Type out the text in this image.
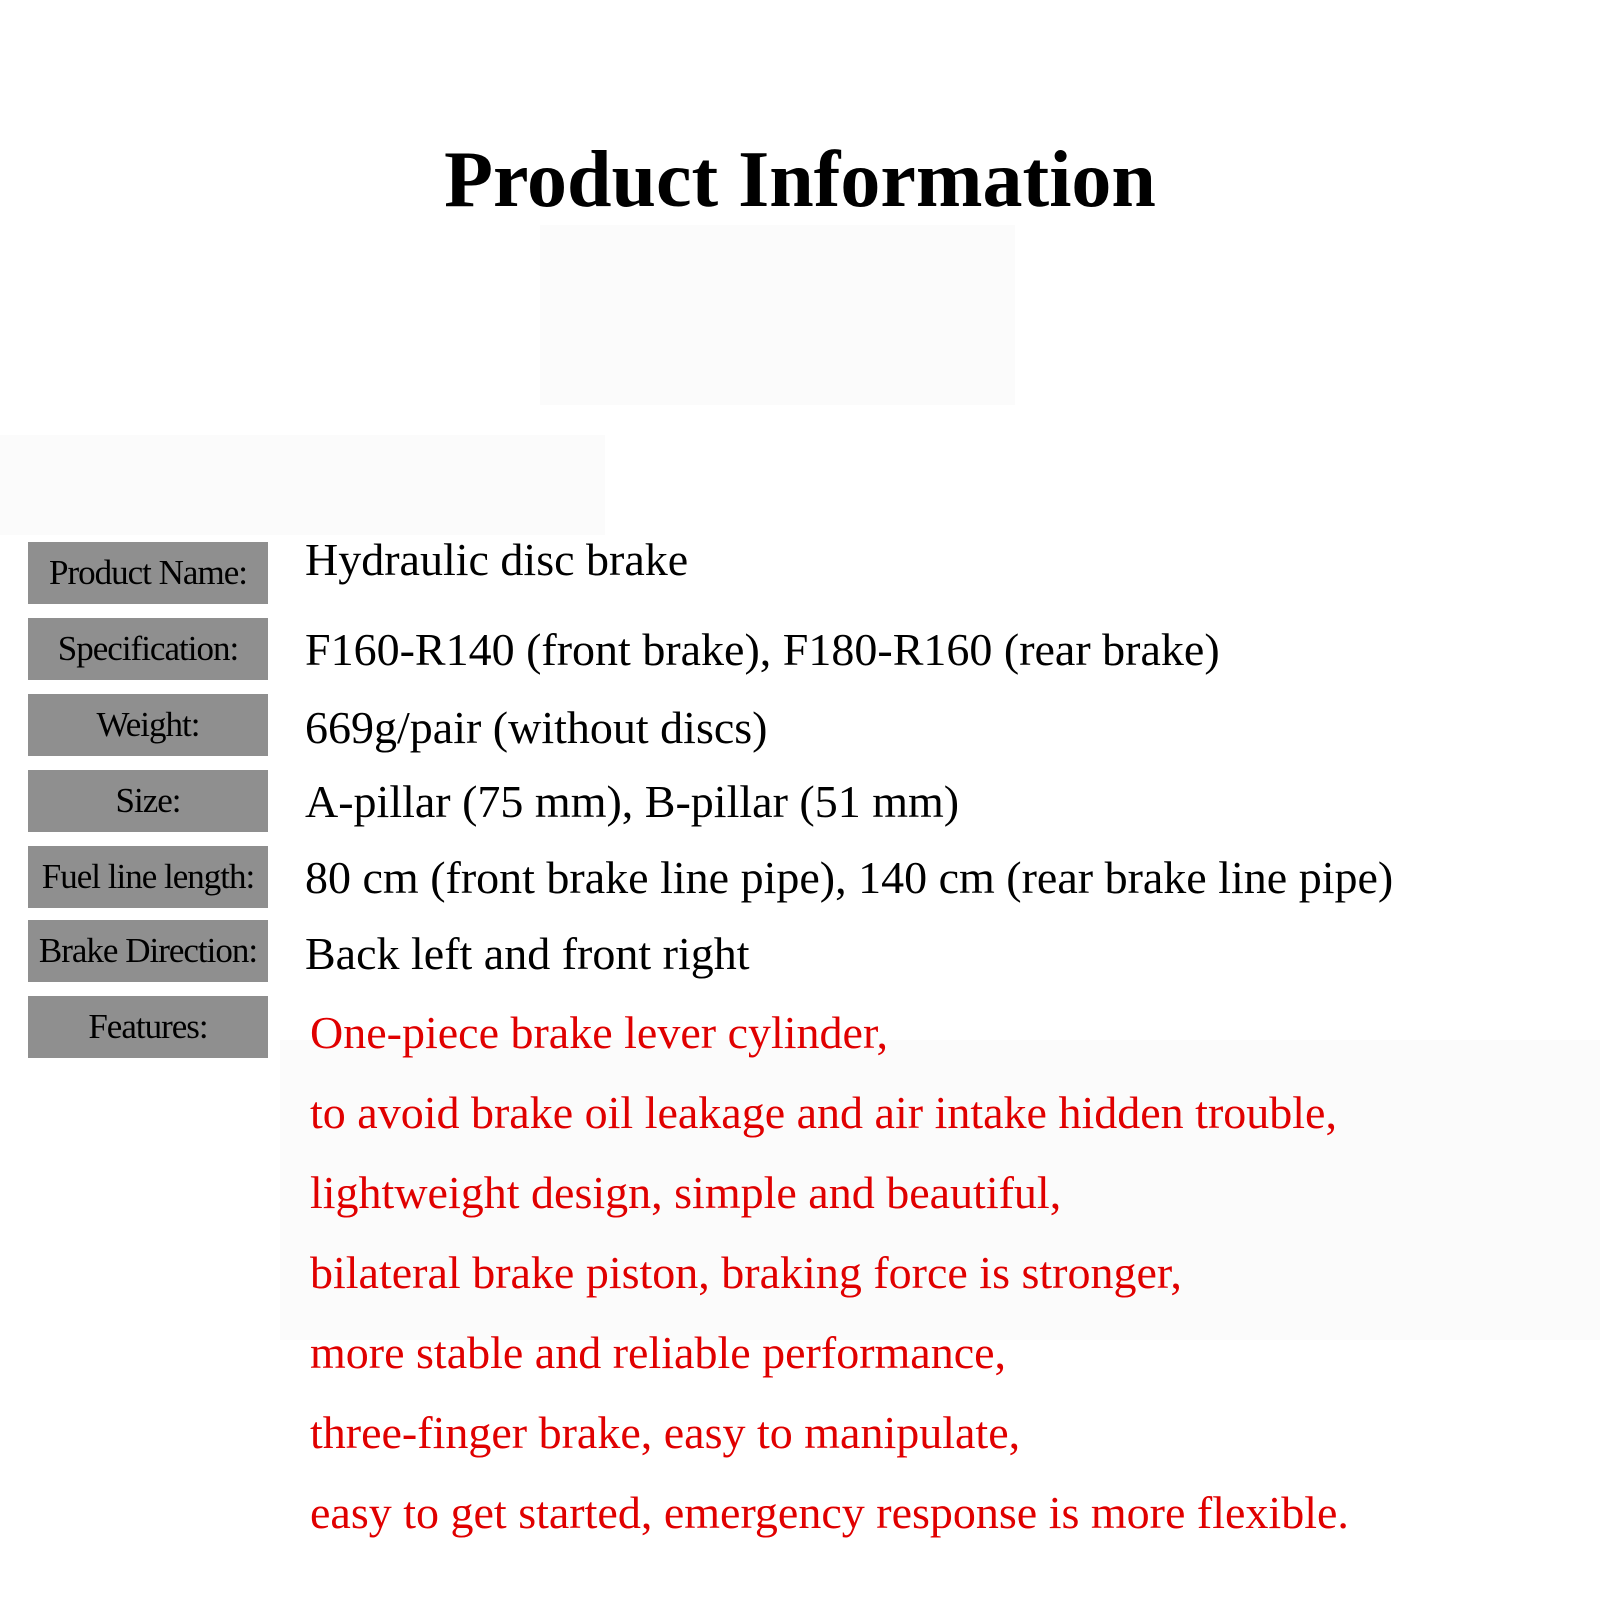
Product Information
Product Name:	Hydraulic disc brake
Specification:	F160-R140 (front brake), F180-R160 (rear brake)
Weight:	669g/pair (without discs)
Size:	A-pillar (75 mm), B-pillar (51 mm)
Fuel line length: 80 cm (front brake line pipe), 140 cm (rear brake line pipe)
Brake Direction: Back left and front right
Features:	One-piece brake lever cylinder,
to avoid brake oil leakage and air intake hidden trouble,
lightweight design, simple and beautiful,
bilateral brake piston, braking force is stronger,
more stable and reliable performance,
three-finger brake, easy to manipulate,
easy to get started, emergency response is more flexible.
